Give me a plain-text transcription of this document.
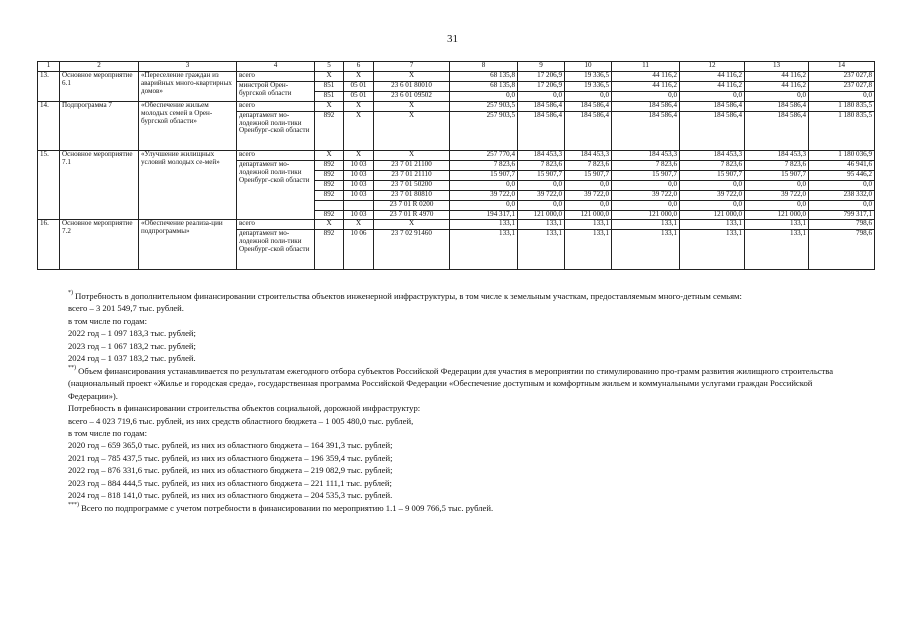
31
1	2	3	4	5	6	7	8	9	10	11	12	13	14
13.	Основное мероприятие 6.1	«Переселение граждан из аварийных много-квартирных домов»	всего	Х	Х	Х	68 135,8	17 206,9	19 336,5	44 116,2	44 116,2	44 116,2	237 027,8
			минстрой Орен-бургской области	851	05 01	23 6 01 80010	68 135,8	17 206,9	19 336,5	44 116,2	44 116,2	44 116,2	237 027,8
				851	05 01	23 6 01 09502	0,0	0,0	0,0	0,0	0,0	0,0	0,0
14.	Подпрограмма 7	«Обеспечение жильем молодых семей в Орен-бургской области»	всего	Х	Х	Х	257 903,5	184 586,4	184 586,4	184 586,4	184 586,4	184 586,4	1 180 835,5
			департамент мо-лодежной поли-тики Оренбург-ской области	892	Х	Х	257 903,5	184 586,4	184 586,4	184 586,4	184 586,4	184 586,4	1 180 835,5
15.	Основное мероприятие 7.1	«Улучшение жилищных условий молодых се-мей»	всего	Х	Х	Х	257 770,4	184 453,3	184 453,3	184 453,3	184 453,3	184 453,3	1 180 036,9
			департамент мо-лодежной поли-тики Оренбург-ской области	892	10 03	23 7 01 21100	7 823,6	7 823,6	7 823,6	7 823,6	7 823,6	7 823,6	46 941,6
				892	10 03	23 7 01 21110	15 907,7	15 907,7	15 907,7	15 907,7	15 907,7	15 907,7	95 446,2
				892	10 03	23 7 01 50200	0,0	0,0	0,0	0,0	0,0	0,0	0,0
				892	10 03	23 7 01 80810	39 722,0	39 722,0	39 722,0	39 722,0	39 722,0	39 722,0	238 332,0
						23 7 01 R 0200	0,0	0,0	0,0	0,0	0,0	0,0	0,0
				892	10 03	23 7 01 R 4970	194 317,1	121 000,0	121 000,0	121 000,0	121 000,0	121 000,0	799 317,1
16.	Основное мероприятие 7.2	«Обеспечение реализа-ции подпрограммы»	всего	Х	Х	Х	133,1	133,1	133,1	133,1	133,1	133,1	798,6
			департамент мо-лодежной поли-тики Оренбург-ской области	892	10 06	23 7 02 91460	133,1	133,1	133,1	133,1	133,1	133,1	798,6
*) Потребность в дополнительном финансировании строительства объектов инженерной инфраструктуры, в том числе к земельным участкам, предоставляемым много-детным семьям:
всего – 3 201 549,7 тыс. рублей.
в том числе по годам:
2022 год – 1 097 183,3 тыс. рублей;
2023 год – 1 067 183,2 тыс. рублей;
2024 год – 1 037 183,2 тыс. рублей.
**) Объем финансирования устанавливается по результатам ежегодного отбора субъектов Российской Федерации для участия в мероприятии по стимулированию про-грамм развития жилищного строительства (национальный проект «Жилье и городская среда», государственная программа Российской Федерации «Обеспечение доступным и комфортным жильем и коммунальными услугами граждан Российской Федерации»).
Потребность в финансировании строительства объектов социальной, дорожной инфраструктур:
всего – 4 023 719,6 тыс. рублей, из них средств областного бюджета – 1 005 480,0 тыс. рублей,
в том числе по годам:
2020 год – 659 365,0 тыс. рублей, из них из областного бюджета – 164 391,3 тыс. рублей;
2021 год – 785 437,5 тыс. рублей, из них из областного бюджета – 196 359,4 тыс. рублей;
2022 год – 876 331,6 тыс. рублей, из них из областного бюджета – 219 082,9 тыс. рублей;
2023 год – 884 444,5 тыс. рублей, из них из областного бюджета – 221 111,1 тыс. рублей;
2024 год – 818 141,0 тыс. рублей, из них из областного бюджета – 204 535,3 тыс. рублей.
***) Всего по подпрограмме с учетом потребности в финансировании по мероприятию 1.1 – 9 009 766,5 тыс. рублей.
